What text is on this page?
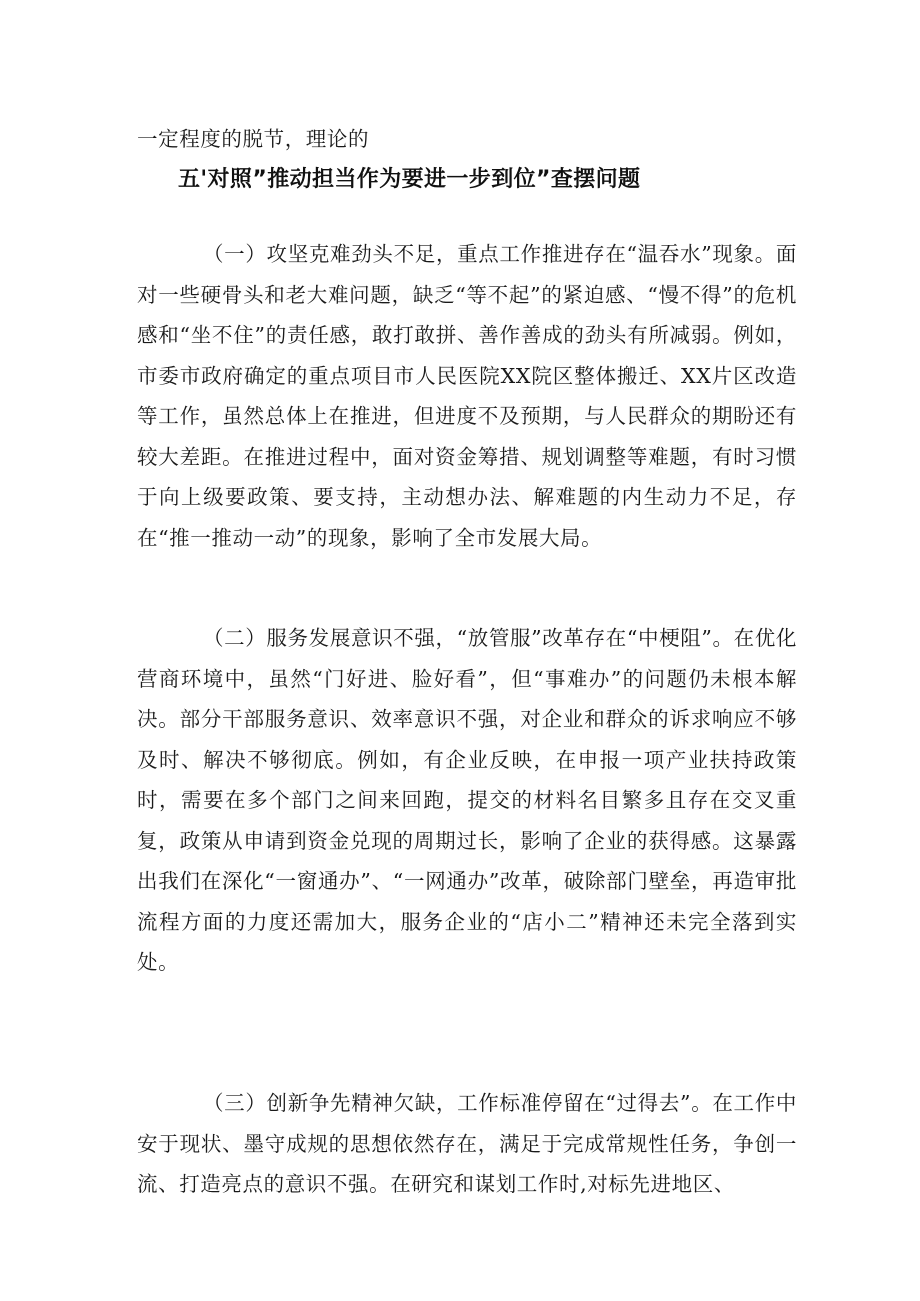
一定程度的脱节，理论的
五'对照”推动担当作为要进一步到位”查摆问题

（一）攻坚克难劲头不足，重点工作推进存在“温吞水”现象。面对一些硬骨头和老大难问题，缺乏“等不起”的紧迫感、“慢不得”的危机感和“坐不住”的责任感，敢打敢拼、善作善成的劲头有所减弱。例如，市委市政府确定的重点项目市人民医院XX院区整体搬迁、XX片区改造等工作，虽然总体上在推进，但进度不及预期，与人民群众的期盼还有较大差距。在推进过程中，面对资金筹措、规划调整等难题，有时习惯于向上级要政策、要支持，主动想办法、解难题的内生动力不足，存在“推一推动一动”的现象，影响了全市发展大局。

（二）服务发展意识不强，“放管服”改革存在“中梗阻”。在优化营商环境中，虽然“门好进、脸好看”，但“事难办”的问题仍未根本解决。部分干部服务意识、效率意识不强，对企业和群众的诉求响应不够及时、解决不够彻底。例如，有企业反映，在申报一项产业扶持政策时，需要在多个部门之间来回跑，提交的材料名目繁多且存在交叉重复，政策从申请到资金兑现的周期过长，影响了企业的获得感。这暴露出我们在深化“一窗通办”、“一网通办”改革，破除部门壁垒，再造审批流程方面的力度还需加大，服务企业的“店小二”精神还未完全落到实处。

（三）创新争先精神欠缺，工作标准停留在“过得去”。在工作中安于现状、墨守成规的思想依然存在，满足于完成常规性任务，争创一流、打造亮点的意识不强。在研究和谋划工作时,对标先进地区、
